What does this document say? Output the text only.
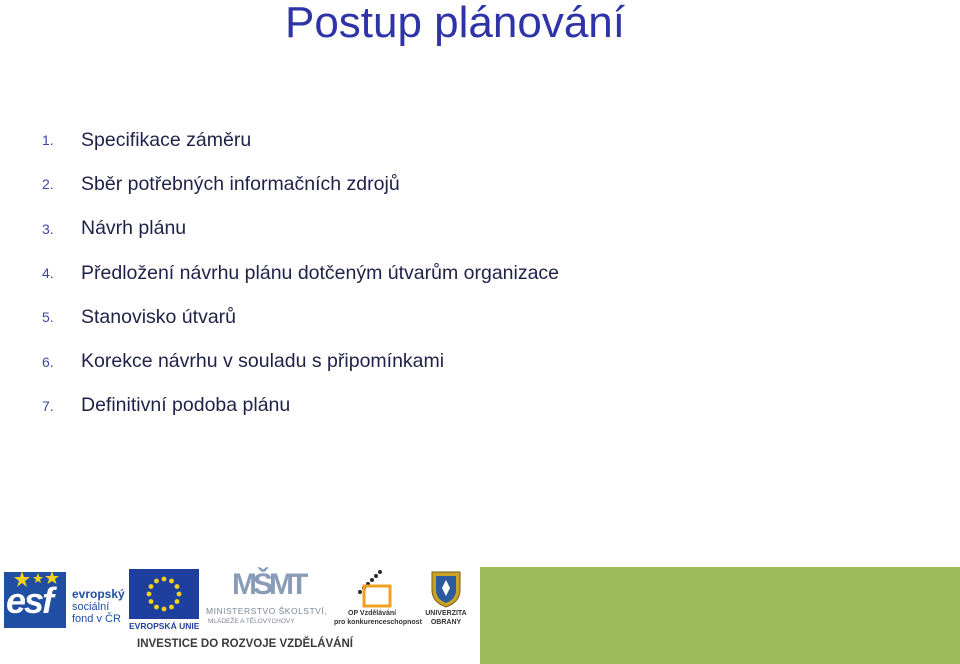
Postup plánování
1.	Specifikace záměru
2.	Sběr potřebných informačních zdrojů
3.	Návrh plánu
4.	Předložení návrhu plánu dotčeným útvarům organizace
5.	Stanovisko útvarů
6.	Korekce návrhu v souladu s připomínkami
7.	Definitivní podoba plánu
esf evropský
sociální
fond v ČR
EVROPSKÁ UNIE
MŠMT
MINISTERSTVO ŠKOLSTVÍ,
MLÁDEŽE A TĚLOVÝCHOVY
OP Vzdělávání
pro konkurenceschopnost
UNIVERZITA
OBRANY
INVESTICE DO ROZVOJE VZDĚLÁVÁNÍ
